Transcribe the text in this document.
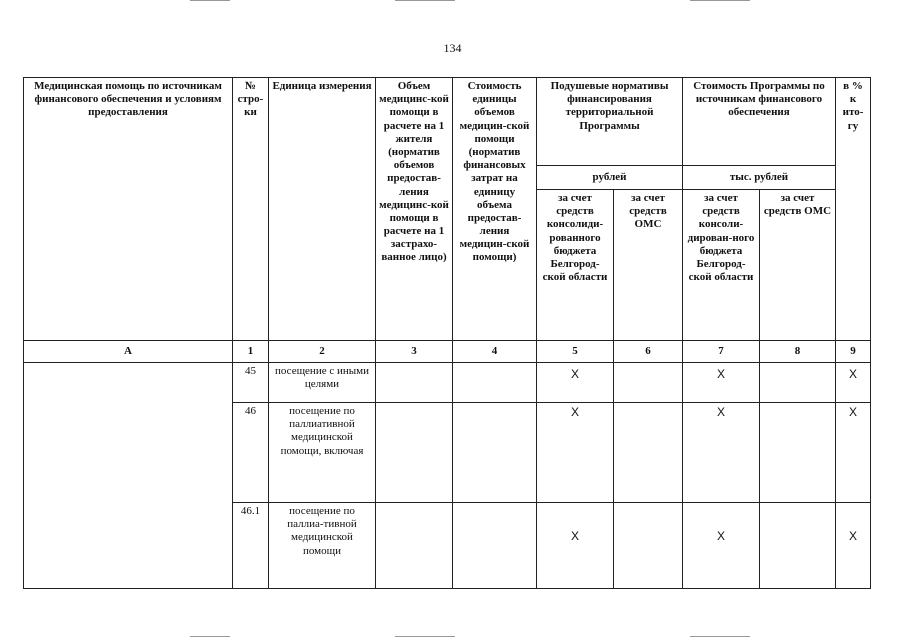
134
Медицинская помощь по источникам финансового обеспечения и условиям предоставления	№ стро-ки	Единица измерения	Объем медицинс-кой помощи в расчете на 1 жителя (норматив объемов предостав-ления медицинс-кой помощи в расчете на 1 застрахо-ванное лицо)	Стоимость единицы объемов медицин-ской помощи (норматив финансовых затрат на единицу объема предостав-ления медицин-ской помощи)	Подушевые нормативы финансирования территориальной Программы		Стоимость Программы по источникам финансового обеспечения		в % к ито-гу
					рублей		тыс. рублей		
					за счет средств консолиди-рованного бюджета Белгород-ской области	за счет средств ОМС	за счет средств консоли-дирован-ного бюджета Белгород-ской области	за счет средств ОМС	
А	1	2	3	4	5	6	7	8	9
	45	посещение с иными целями			X		X		X
	46	посещение по паллиативной медицинской помощи, включая			X		X		X
	46.1	посещение по паллиа-тивной медицинской помощи			X		X		X
